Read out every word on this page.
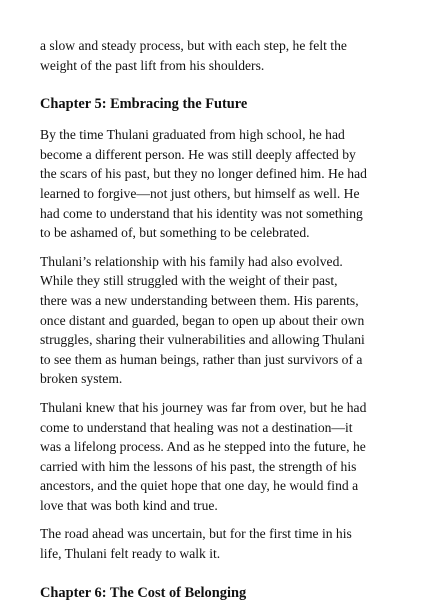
a slow and steady process, but with each step, he felt the
weight of the past lift from his shoulders.

Chapter 5: Embracing the Future

By the time Thulani graduated from high school, he had
become a different person. He was still deeply affected by
the scars of his past, but they no longer defined him. He had
learned to forgive—not just others, but himself as well. He
had come to understand that his identity was not something
to be ashamed of, but something to be celebrated.

Thulani’s relationship with his family had also evolved.
While they still struggled with the weight of their past,
there was a new understanding between them. His parents,
once distant and guarded, began to open up about their own
struggles, sharing their vulnerabilities and allowing Thulani
to see them as human beings, rather than just survivors of a
broken system.

Thulani knew that his journey was far from over, but he had
come to understand that healing was not a destination—it
was a lifelong process. And as he stepped into the future, he
carried with him the lessons of his past, the strength of his
ancestors, and the quiet hope that one day, he would find a
love that was both kind and true.

The road ahead was uncertain, but for the first time in his
life, Thulani felt ready to walk it.

Chapter 6: The Cost of Belonging
